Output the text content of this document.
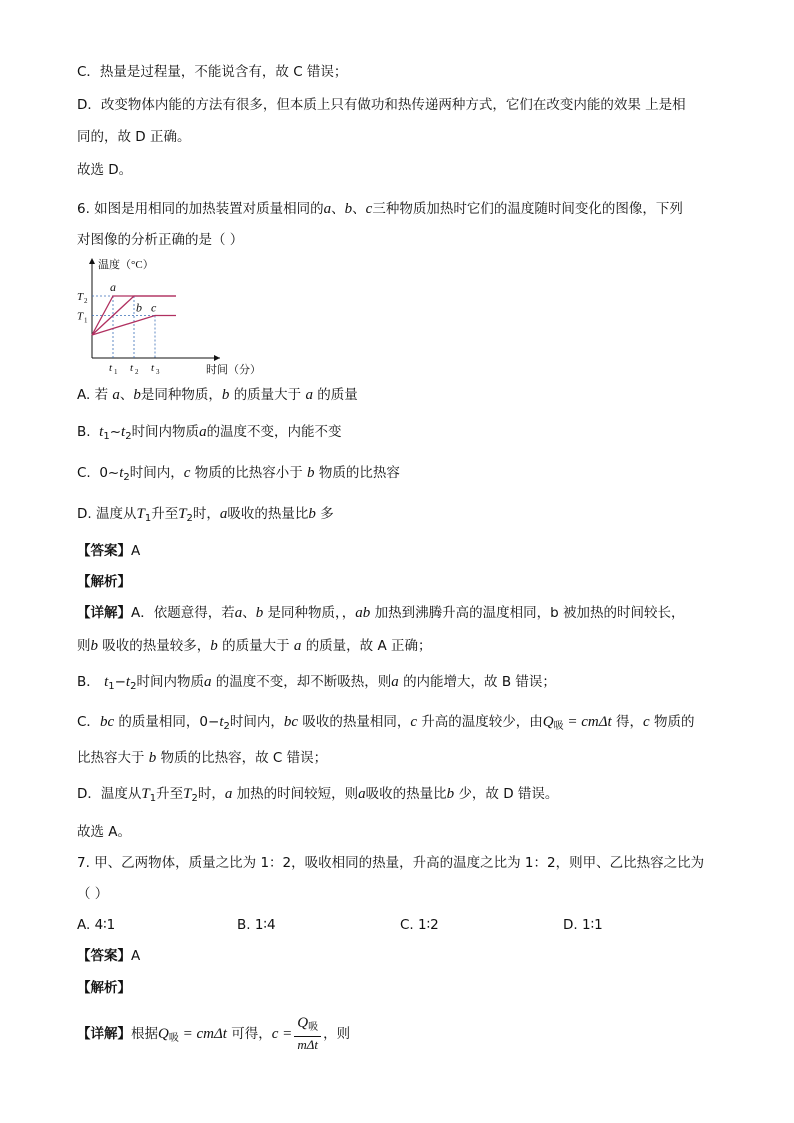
C．热量是过程量，不能说含有，故 C 错误；
D．改变物体内能的方法有很多，但本质上只有做功和热传递两种方式，它们在改变内能的效果 上是相
同的，故 D 正确。
故选 D。
6. 如图是用相同的加热装置对质量相同的a、b、c三种物质加热时它们的温度随时间变化的图像，下列
对图像的分析正确的是（ ）
温度（°C）
时间（分）
T 2
T 1
t 1 t 2 t 3
a
b c
A. 若 a、b是同种物质，b 的质量大于 a 的质量
B. $t_1\sim t_2$时间内物质a的温度不变，内能不变
C. $0\sim t_2$时间内，c 物质的比热容小于 b 物质的比热容
D. 温度从$T_1$升至$T_2$时，a吸收的热量比b 多
【答案】A
【解析】
【详解】A．依题意得，若a、b 是同种物质，，ab 加热到沸腾升高的温度相同，b 被加热的时间较长，
则b 吸收的热量较多，b 的质量大于 a 的质量，故 A 正确；
B． $t_1-t_2$时间内物质a 的温度不变，却不断吸热，则a 的内能增大，故 B 错误；
C．bc 的质量相同，$0-t_2$时间内，bc 吸收的热量相同，c 升高的温度较少，由$Q_吸 = cm\Delta t$ 得，c 物质的
比热容大于 b 物质的比热容，故 C 错误；
D．温度从$T_1$升至$T_2$时，a 加热的时间较短，则a吸收的热量比b 少，故 D 错误。
故选 A。
7. 甲、乙两物体，质量之比为 1：2，吸收相同的热量，升高的温度之比为 1：2，则甲、乙比热容之比为
（ ）
A. 4∶1	B. 1∶4	C. 1∶2	D. 1∶1
【答案】A
【解析】
【详解】根据$Q_吸 = cm\Delta t$ 可得，$c = \frac{Q_吸}{\text{mΔt}}$ ，则
